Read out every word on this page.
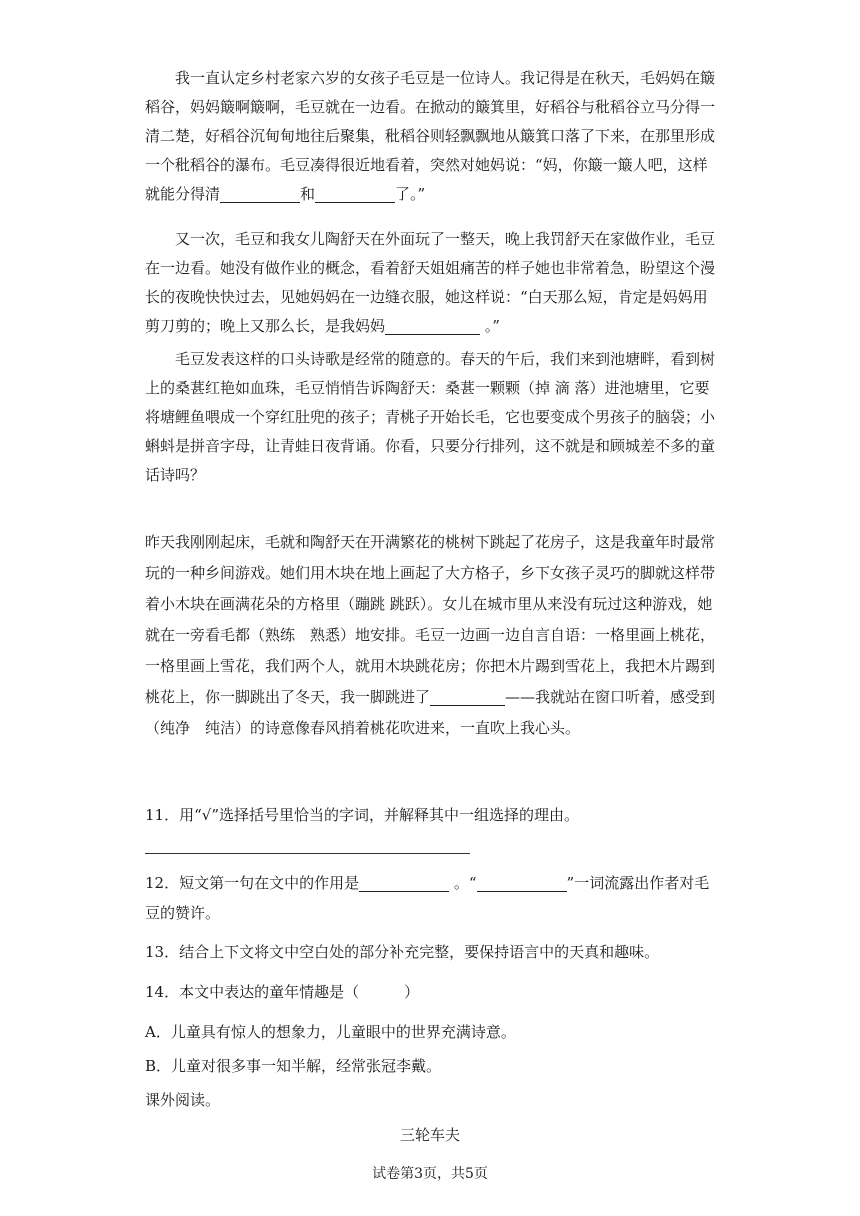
我一直认定乡村老家六岁的女孩子毛豆是一位诗人。我记得是在秋天，毛妈妈在簸稻谷，妈妈簸啊簸啊，毛豆就在一边看。在掀动的簸箕里，好稻谷与秕稻谷立马分得一清二楚，好稻谷沉甸甸地往后聚集，秕稻谷则轻飘飘地从簸箕口落了下来，在那里形成一个秕稻谷的瀑布。毛豆凑得很近地看着，突然对她妈说：“妈，你簸一簸人吧，这样就能分得清	和	了。”

又一次，毛豆和我女儿陶舒天在外面玩了一整天，晚上我罚舒天在家做作业，毛豆在一边看。她没有做作业的概念，看着舒天姐姐痛苦的样子她也非常着急，盼望这个漫长的夜晚快快过去，见她妈妈在一边缝衣服，她这样说：“白天那么短，肯定是妈妈用剪刀剪的；晚上又那么长，是我妈妈	。”

毛豆发表这样的口头诗歌是经常的随意的。春天的午后，我们来到池塘畔，看到树上的桑葚红艳如血珠，毛豆悄悄告诉陶舒天：桑葚一颗颗（掉 滴 落）进池塘里，它要将塘鲤鱼喂成一个穿红肚兜的孩子；青桃子开始长毛，它也要变成个男孩子的脑袋；小蝌蚪是拼音字母，让青蛙日夜背诵。你看，只要分行排列，这不就是和顾城差不多的童话诗吗？

昨天我刚刚起床，毛就和陶舒天在开满繁花的桃树下跳起了花房子，这是我童年时最常玩的一种乡间游戏。她们用木块在地上画起了大方格子，乡下女孩子灵巧的脚就这样带着小木块在画满花朵的方格里（蹦跳 跳跃）。女儿在城市里从来没有玩过这种游戏，她就在一旁看毛都（熟练　熟悉）地安排。毛豆一边画一边自言自语：一格里画上桃花，一格里画上雪花，我们两个人，就用木块跳花房；你把木片踢到雪花上，我把木片踢到桃花上，你一脚跳出了冬天，我一脚跳进了	——我就站在窗口听着，感受到（纯净　纯洁）的诗意像春风捎着桃花吹进来，一直吹上我心头。

11．用“√”选择括号里恰当的字词，并解释其中一组选择的理由。

12．短文第一句在文中的作用是	。“	”一词流露出作者对毛豆的赞许。

13．结合上下文将文中空白处的部分补充完整，要保持语言中的天真和趣味。
14．本文中表达的童年情趣是（　　　）
A．儿童具有惊人的想象力，儿童眼中的世界充满诗意。
B．儿童对很多事一知半解，经常张冠李戴。
课外阅读。
三轮车夫
试卷第3页，共5页
